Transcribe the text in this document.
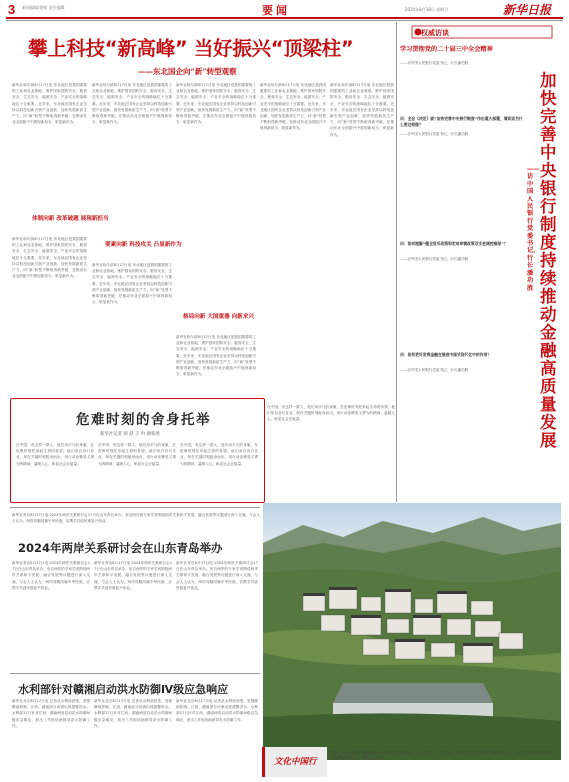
3 新闻编辑/要闻 责任编辑	要闻	2024年8月18日 星期日	新华日报
攀上科技“新高峰” 当好振兴“顶梁柱”
——东北国企向“新”转型观察
新华社哈尔滨8月17日电 东北地区是我国重要的工业和农业基地，维护国家国防安全、粮食安全、生态安全、能源安全、产业安全的战略地位十分重要。近年来，东北地区国有企业坚持以科技创新引领产业创新，加快发展新质生产力，向“新”转型不断取得新突破，在推动东北全面振兴中展现新担当、彰显新作为。
体制向新 改革破题 展现新担当
新华社哈尔滨8月17日电 东北地区是我国重要的工业和农业基地，维护国家国防安全、粮食安全、生态安全、能源安全、产业安全的战略地位十分重要。近年来，东北地区国有企业坚持以科技创新引领产业创新，加快发展新质生产力，向“新”转型不断取得新突破，在推动东北全面振兴中展现新担当、彰显新作为。
新华社哈尔滨8月17日电 东北地区是我国重要的工业和农业基地，维护国家国防安全、粮食安全、生态安全、能源安全、产业安全的战略地位十分重要。近年来，东北地区国有企业坚持以科技创新引领产业创新，加快发展新质生产力，向“新”转型不断取得新突破，在推动东北全面振兴中展现新担当、彰显新作为。
要素向新 科技攻关 凸显新作为
新华社哈尔滨8月17日电 东北地区是我国重要的工业和农业基地，维护国家国防安全、粮食安全、生态安全、能源安全、产业安全的战略地位十分重要。近年来，东北地区国有企业坚持以科技创新引领产业创新，加快发展新质生产力，向“新”转型不断取得新突破，在推动东北全面振兴中展现新担当、彰显新作为。
新华社哈尔滨8月17日电 东北地区是我国重要的工业和农业基地，维护国家国防安全、粮食安全、生态安全、能源安全、产业安全的战略地位十分重要。近年来，东北地区国有企业坚持以科技创新引领产业创新，加快发展新质生产力，向“新”转型不断取得新突破，在推动东北全面振兴中展现新担当、彰显新作为。
格局向新 大国重器 向新求兴
新华社哈尔滨8月17日电 东北地区是我国重要的工业和农业基地，维护国家国防安全、粮食安全、生态安全、能源安全、产业安全的战略地位十分重要。近年来，东北地区国有企业坚持以科技创新引领产业创新，加快发展新质生产力，向“新”转型不断取得新突破，在推动东北全面振兴中展现新担当、彰显新作为。
新华社哈尔滨8月17日电 东北地区是我国重要的工业和农业基地，维护国家国防安全、粮食安全、生态安全、能源安全、产业安全的战略地位十分重要。近年来，东北地区国有企业坚持以科技创新引领产业创新，加快发展新质生产力，向“新”转型不断取得新突破，在推动东北全面振兴中展现新担当、彰显新作为。
新华社哈尔滨8月17日电 东北地区是我国重要的工业和农业基地，维护国家国防安全、粮食安全、生态安全、能源安全、产业安全的战略地位十分重要。近年来，东北地区国有企业坚持以科技创新引领产业创新，加快发展新质生产力，向“新”转型不断取得新突破，在推动东北全面振兴中展现新担当、彰显新作为。
权威访谈
学习贯彻党的二十届三中全会精神
——访中国人民银行党委书记、行长潘功胜
问：全会《决定》就“加快完善中央银行制度”作出重大部署，请谈谈为什么要这样做？
——访中国人民银行党委书记、行长潘功胜
问：如何理解“健全货币政策和宏观审慎政策双支柱调控框架”？
——访中国人民银行党委书记、行长潘功胜
问：如何更好发挥金融在推进中国式现代化中的作用？
——访中国人民银行党委书记、行长潘功胜
加快完善中央银行制度 持续推动金融高质量发展
——访中国人民银行党委书记、行长潘功胜
危难时刻的舍身托举
新华社记者 胡 喆 王 冉 谢希瑶
在中国，有这样一群人，他们用平凡的身躯，在危难时刻托举起生命的希望。他们来自各行各业，却在关键时刻挺身而出，用行动诠释见义勇为的精神，温暖人心，彰显社会正能量。
在中国，有这样一群人，他们用平凡的身躯，在危难时刻托举起生命的希望。他们来自各行各业，却在关键时刻挺身而出，用行动诠释见义勇为的精神，温暖人心，彰显社会正能量。
在中国，有这样一群人，他们用平凡的身躯，在危难时刻托举起生命的希望。他们来自各行各业，却在关键时刻挺身而出，用行动诠释见义勇为的精神，温暖人心，彰显社会正能量。
在中国，有这样一群人，他们用平凡的身躯，在危难时刻托举起生命的希望。他们来自各行各业，却在关键时刻挺身而出，用行动诠释见义勇为的精神，温暖人心，彰显社会正能量。
新华社青岛8月17日电 2024年两岸关系研讨会17日在山东青岛举办。来自两岸的专家学者围绕两岸关系和平发展、融合发展等议题进行深入交流。与会人士认为，两岸同胞同属中华民族，应携手共创民族复兴伟业。
2024年两岸关系研讨会在山东青岛举办
新华社青岛8月17日电 2024年两岸关系研讨会17日在山东青岛举办。来自两岸的专家学者围绕两岸关系和平发展、融合发展等议题进行深入交流。与会人士认为，两岸同胞同属中华民族，应携手共创民族复兴伟业。
新华社青岛8月17日电 2024年两岸关系研讨会17日在山东青岛举办。来自两岸的专家学者围绕两岸关系和平发展、融合发展等议题进行深入交流。与会人士认为，两岸同胞同属中华民族，应携手共创民族复兴伟业。
新华社青岛8月17日电 2024年两岸关系研讨会17日在山东青岛举办。来自两岸的专家学者围绕两岸关系和平发展、融合发展等议题进行深入交流。与会人士认为，两岸同胞同属中华民族，应携手共创民族复兴伟业。
水利部针对赣湘启动洪水防御Ⅳ级应急响应
新华社北京8月17日电 记者从水利部获悉，受强降雨影响，江西、湖南部分河流出现超警洪水。水利部17日针对江西、湖南两省启动洪水防御Ⅳ级应急响应，派出工作组协助指导洪水防御工作。
新华社北京8月17日电 记者从水利部获悉，受强降雨影响，江西、湖南部分河流出现超警洪水。水利部17日针对江西、湖南两省启动洪水防御Ⅳ级应急响应，派出工作组协助指导洪水防御工作。
新华社北京8月17日电 记者从水利部获悉，受强降雨影响，江西、湖南部分河流出现超警洪水。水利部17日针对江西、湖南两省启动洪水防御Ⅳ级应急响应，派出工作组协助指导洪水防御工作。
文化中国行
这是8月14日拍摄的安徽省黄山市歙县某古村落风貌（无人机照片）。近年来，当地在保护古村落原有风貌的基础上，推动文化和旅游深度融合，古村落焕发新活力。新华社记者 摄
